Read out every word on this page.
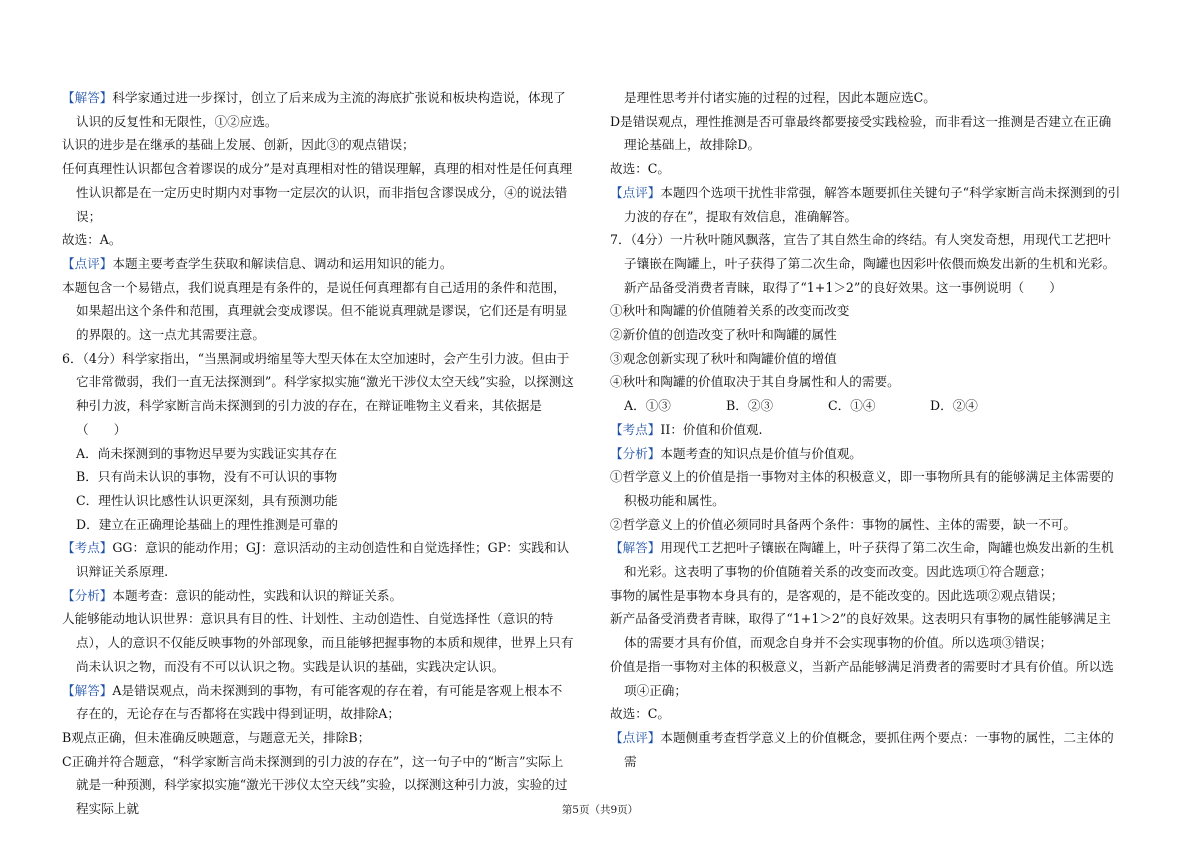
【解答】科学家通过进一步探讨，创立了后来成为主流的海底扩张说和板块构造说，体现了认识的反复性和无限性，①②应选。

认识的进步是在继承的基础上发展、创新，因此③的观点错误；

任何真理性认识都包含着谬误的成分”是对真理相对性的错误理解，真理的相对性是任何真理性认识都是在一定历史时期内对事物一定层次的认识，而非指包含谬误成分，④的说法错误；

故选：A。

【点评】本题主要考查学生获取和解读信息、调动和运用知识的能力。

本题包含一个易错点，我们说真理是有条件的，是说任何真理都有自己适用的条件和范围，如果超出这个条件和范围，真理就会变成谬误。但不能说真理就是谬误，它们还是有明显的界限的。这一点尤其需要注意。

6．（4分）科学家指出，“当黑洞或坍缩星等大型天体在太空加速时，会产生引力波。但由于它非常微弱，我们一直无法探测到”。科学家拟实施“激光干涉仪太空天线”实验，以探测这种引力波，科学家断言尚未探测到的引力波的存在，在辩证唯物主义看来，其依据是（　　）

A．尚未探测到的事物迟早要为实践证实其存在

B．只有尚未认识的事物，没有不可认识的事物

C．理性认识比感性认识更深刻，具有预测功能

D．建立在正确理论基础上的理性推测是可靠的

【考点】GG：意识的能动作用；GJ：意识活动的主动创造性和自觉选择性；GP：实践和认识辩证关系原理.

【分析】本题考查：意识的能动性，实践和认识的辩证关系。

人能够能动地认识世界：意识具有目的性、计划性、主动创造性、自觉选择性（意识的特点），人的意识不仅能反映事物的外部现象，而且能够把握事物的本质和规律，世界上只有尚未认识之物，而没有不可以认识之物。实践是认识的基础，实践决定认识。

【解答】A是错误观点，尚未探测到的事物，有可能客观的存在着，有可能是客观上根本不存在的，无论存在与否都将在实践中得到证明，故排除A；

B观点正确，但未准确反映题意，与题意无关，排除B；

C正确并符合题意，“科学家断言尚未探测到的引力波的存在”，这一句子中的“断言”实际上就是一种预测，科学家拟实施“激光干涉仪太空天线”实验，以探测这种引力波，实验的过程实际上就

是理性思考并付诸实施的过程的过程，因此本题应选C。

D是错误观点，理性推测是否可靠最终都要接受实践检验，而非看这一推测是否建立在正确理论基础上，故排除D。

故选：C。

【点评】本题四个选项干扰性非常强，解答本题要抓住关键句子“科学家断言尚未探测到的引力波的存在”，提取有效信息，准确解答。

7．（4分）一片秋叶随风飘落，宣告了其自然生命的终结。有人突发奇想，用现代工艺把叶子镶嵌在陶罐上，叶子获得了第二次生命，陶罐也因彩叶依偎而焕发出新的生机和光彩。新产品备受消费者青睐，取得了“1+1＞2”的良好效果。这一事例说明（　　）

①秋叶和陶罐的价值随着关系的改变而改变

②新价值的创造改变了秋叶和陶罐的属性

③观念创新实现了秋叶和陶罐价值的增值

④秋叶和陶罐的价值取决于其自身属性和人的需要。

A．①③	B．②③	C．①④	D．②④

【考点】II：价值和价值观.

【分析】本题考查的知识点是价值与价值观。

①哲学意义上的价值是指一事物对主体的积极意义，即一事物所具有的能够满足主体需要的积极功能和属性。

②哲学意义上的价值必须同时具备两个条件：事物的属性、主体的需要，缺一不可。

【解答】用现代工艺把叶子镶嵌在陶罐上，叶子获得了第二次生命，陶罐也焕发出新的生机和光彩。这表明了事物的价值随着关系的改变而改变。因此选项①符合题意；

事物的属性是事物本身具有的，是客观的，是不能改变的。因此选项②观点错误；

新产品备受消费者青睐，取得了“1+1＞2”的良好效果。这表明只有事物的属性能够满足主体的需要才具有价值，而观念自身并不会实现事物的价值。所以选项③错误；

价值是指一事物对主体的积极意义，当新产品能够满足消费者的需要时才具有价值。所以选项④正确；

故选：C。

【点评】本题侧重考查哲学意义上的价值概念，要抓住两个要点：一事物的属性，二主体的需

第5页（共9页）
